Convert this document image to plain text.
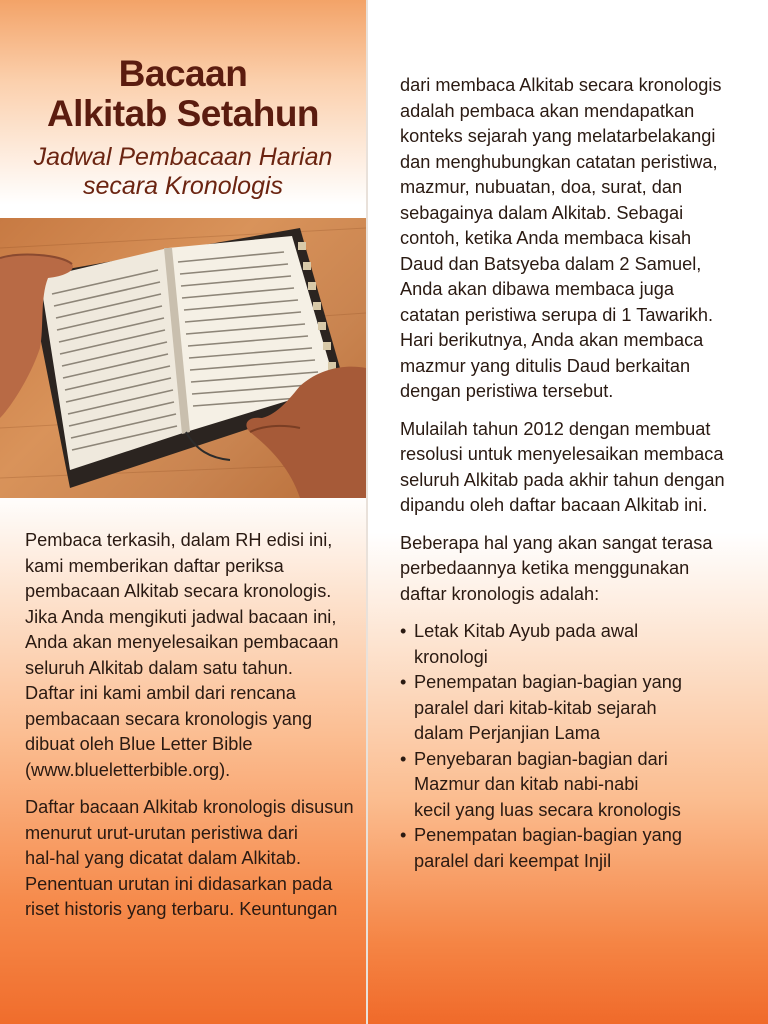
Bacaan
Alkitab Setahun
Jadwal Pembacaan Harian
secara Kronologis

Pembaca terkasih, dalam RH edisi ini,
kami memberikan daftar periksa
pembacaan Alkitab secara kronologis.
Jika Anda mengikuti jadwal bacaan ini,
Anda akan menyelesaikan pembacaan
seluruh Alkitab dalam satu tahun.
Daftar ini kami ambil dari rencana
pembacaan secara kronologis yang
dibuat oleh Blue Letter Bible
(www.blueletterbible.org).

Daftar bacaan Alkitab kronologis disusun
menurut urut-urutan peristiwa dari
hal-hal yang dicatat dalam Alkitab.
Penentuan urutan ini didasarkan pada
riset historis yang terbaru. Keuntungan

dari membaca Alkitab secara kronologis
adalah pembaca akan mendapatkan
konteks sejarah yang melatarbelakangi
dan menghubungkan catatan peristiwa,
mazmur, nubuatan, doa, surat, dan
sebagainya dalam Alkitab. Sebagai
contoh, ketika Anda membaca kisah
Daud dan Batsyeba dalam 2 Samuel,
Anda akan dibawa membaca juga
catatan peristiwa serupa di 1 Tawarikh.
Hari berikutnya, Anda akan membaca
mazmur yang ditulis Daud berkaitan
dengan peristiwa tersebut.

Mulailah tahun 2012 dengan membuat
resolusi untuk menyelesaikan membaca
seluruh Alkitab pada akhir tahun dengan
dipandu oleh daftar bacaan Alkitab ini.

Beberapa hal yang akan sangat terasa
perbedaannya ketika menggunakan
daftar kronologis adalah:

• Letak Kitab Ayub pada awal
kronologi
• Penempatan bagian-bagian yang
paralel dari kitab-kitab sejarah
dalam Perjanjian Lama
• Penyebaran bagian-bagian dari
Mazmur dan kitab nabi-nabi
kecil yang luas secara kronologis
• Penempatan bagian-bagian yang
paralel dari keempat Injil
